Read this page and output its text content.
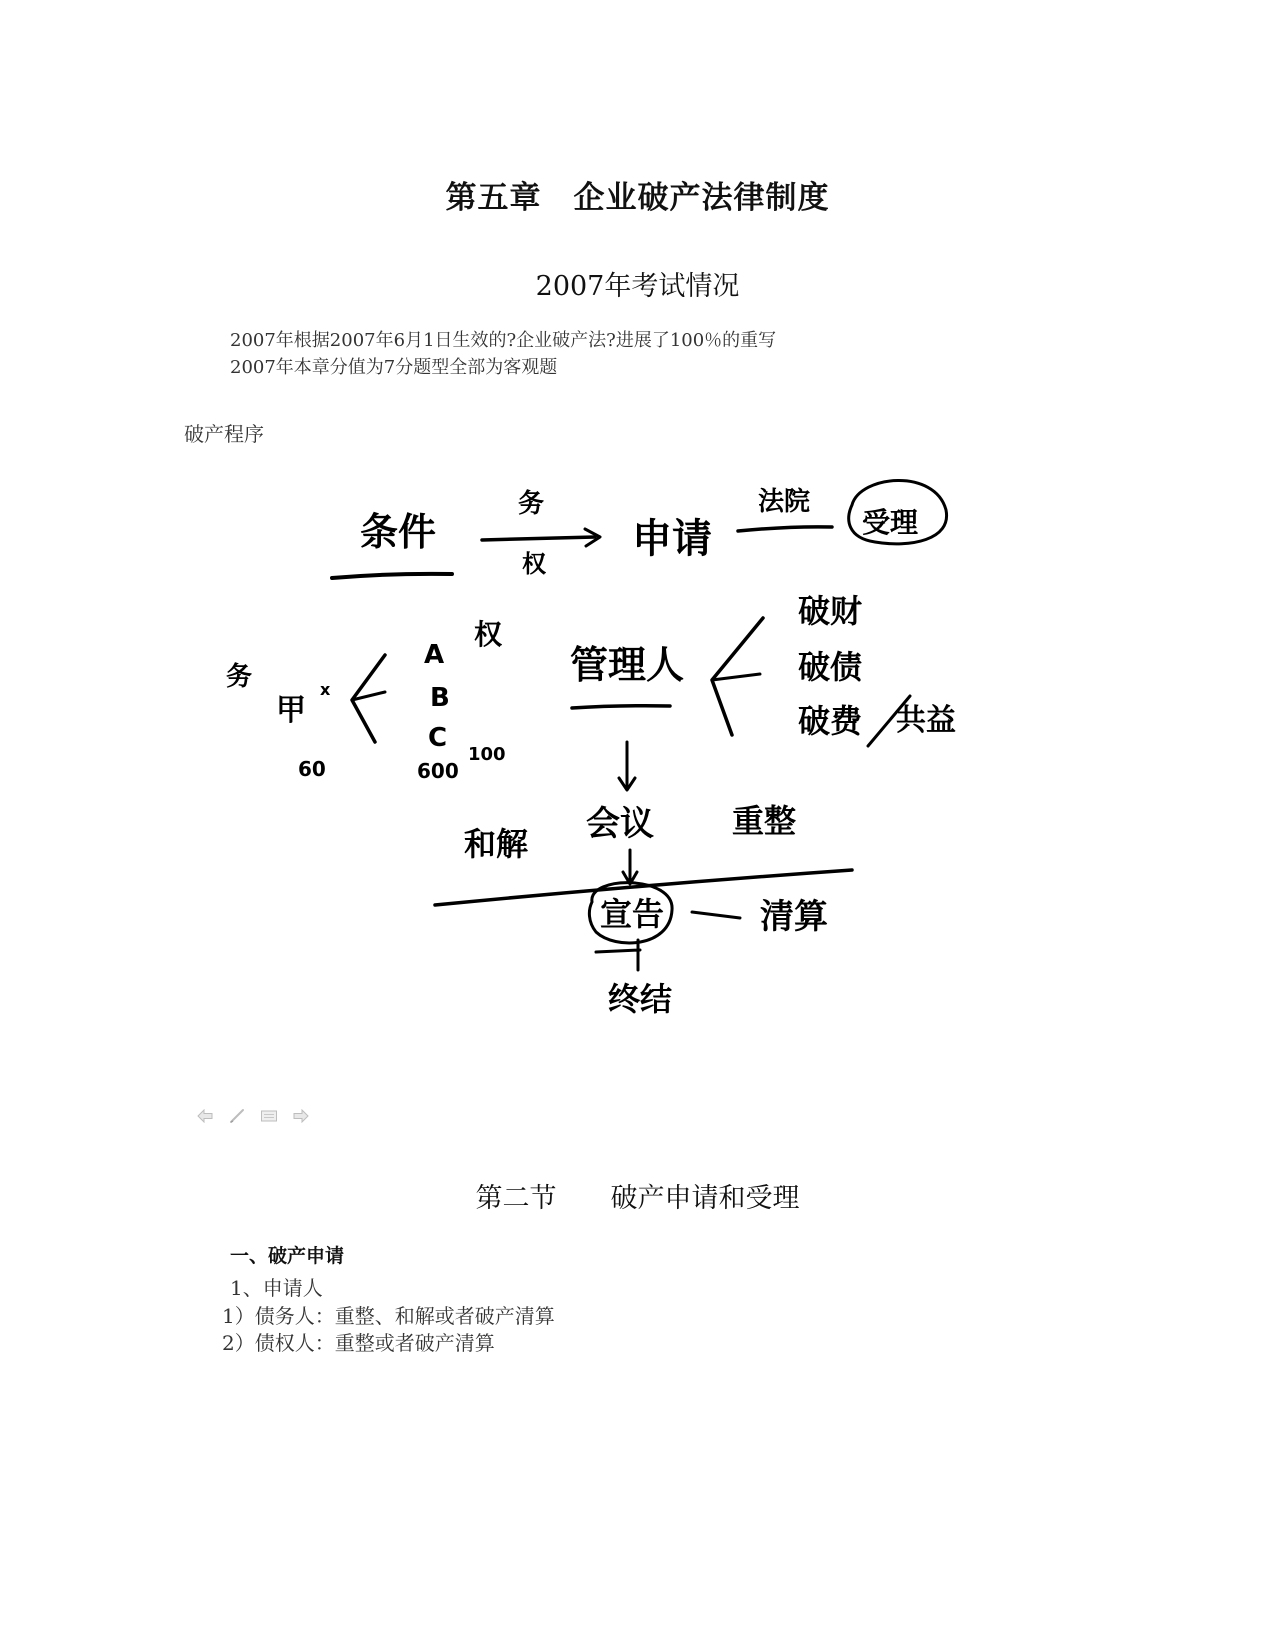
第五章　企业破产法律制度
2007年考试情况
2007年根据2007年6月1日生效的?企业破产法?进展了100％的重写
2007年本章分值为7分题型全部为客观题
破产程序
条件
务
权
申请
法院
受理
务
甲
x
60
权
A
B
C
600
100
管理人
破财
破债
破费 共益
和解 会议 重整
宣告	清算
终结
第二节　　破产申请和受理
一、破产申请
1、申请人
1）债务人：重整、和解或者破产清算
2）债权人：重整或者破产清算
